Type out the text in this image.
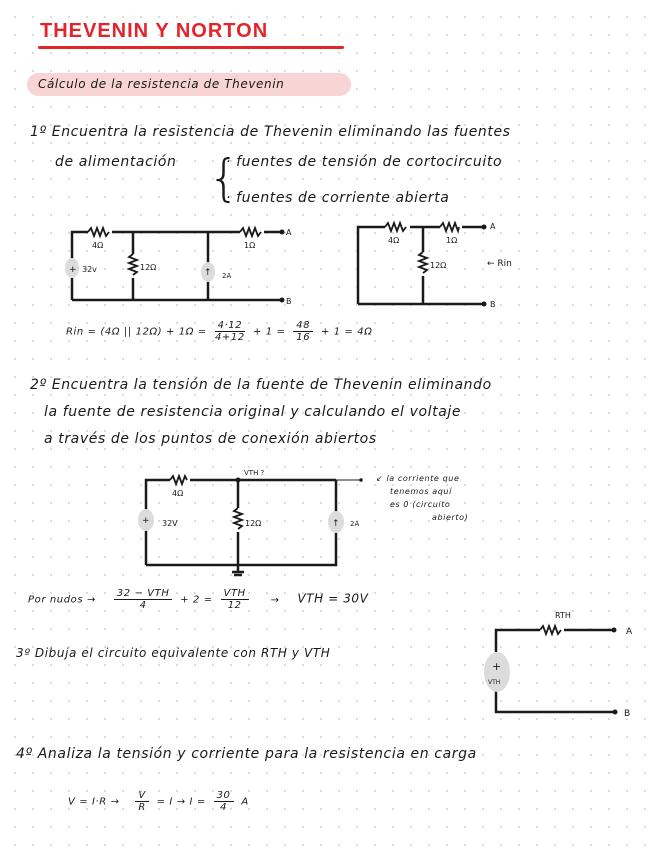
THEVENIN Y NORTON
Cálculo de la resistencia de Thevenin
1º Encuentra la resistencia de Thevenin eliminando las fuentes
de alimentación {
· fuentes de tensión de cortocircuito
· fuentes de corriente abierta
+ 32v
4Ω
12Ω
1Ω
↑ 2A
A
B
4Ω
12Ω
1Ω
A
B
← Rin
+	↑
VTH ?
4Ω
12Ω
32V	2A
+
VTH
RTH
A
B
Rin = (4Ω || $12\Omega) + 1\Omega = \frac{4\cdot 12}{4+12} + 1 = \frac{48}{16} + 1 = 4\Omega$
2º Encuentra la tensión de la fuente de Thevenin eliminando
la fuente de resistencia original y calculando el voltaje
a través de los puntos de conexión abiertos
↙ la corriente que
tenemos aquí
es 0 (circuito
abierto)
Por nudos → $\frac{\text{32 − VTH}}{4} + 2 = \frac{\text{VTH}}{12}$ → VTH = 30V
3º Dibuja el circuito equivalente con RTH y VTH
4º Analiza la tensión y corriente para la resistencia en carga
$V = I\cdot R \to \frac{V}{R} = I \to I = \frac{30}{4}$ A
